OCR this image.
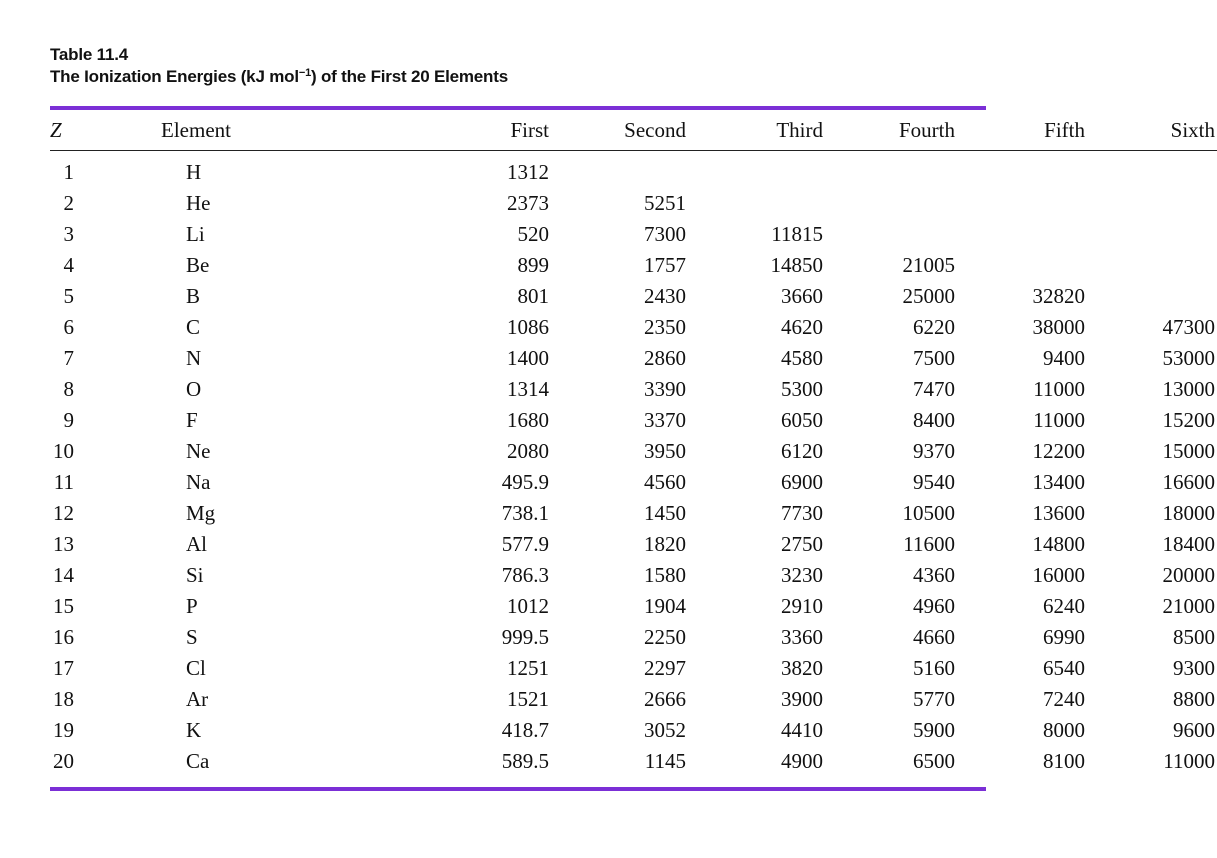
Table 11.4
The Ionization Energies (kJ mol$^{-1}$) of the First 20 Elements
Z	Element	First	Second	Third	Fourth	Fifth	Sixth
1	H	1312					
2	He	2373	5251				
3	Li	520	7300	11815			
4	Be	899	1757	14850	21005		
5	B	801	2430	3660	25000	32820	
6	C	1086	2350	4620	6220	38000	47300
7	N	1400	2860	4580	7500	9400	53000
8	O	1314	3390	5300	7470	11000	13000
9	F	1680	3370	6050	8400	11000	15200
10	Ne	2080	3950	6120	9370	12200	15000
11	Na	495.9	4560	6900	9540	13400	16600
12	Mg	738.1	1450	7730	10500	13600	18000
13	Al	577.9	1820	2750	11600	14800	18400
14	Si	786.3	1580	3230	4360	16000	20000
15	P	1012	1904	2910	4960	6240	21000
16	S	999.5	2250	3360	4660	6990	8500
17	Cl	1251	2297	3820	5160	6540	9300
18	Ar	1521	2666	3900	5770	7240	8800
19	K	418.7	3052	4410	5900	8000	9600
20	Ca	589.5	1145	4900	6500	8100	11000
